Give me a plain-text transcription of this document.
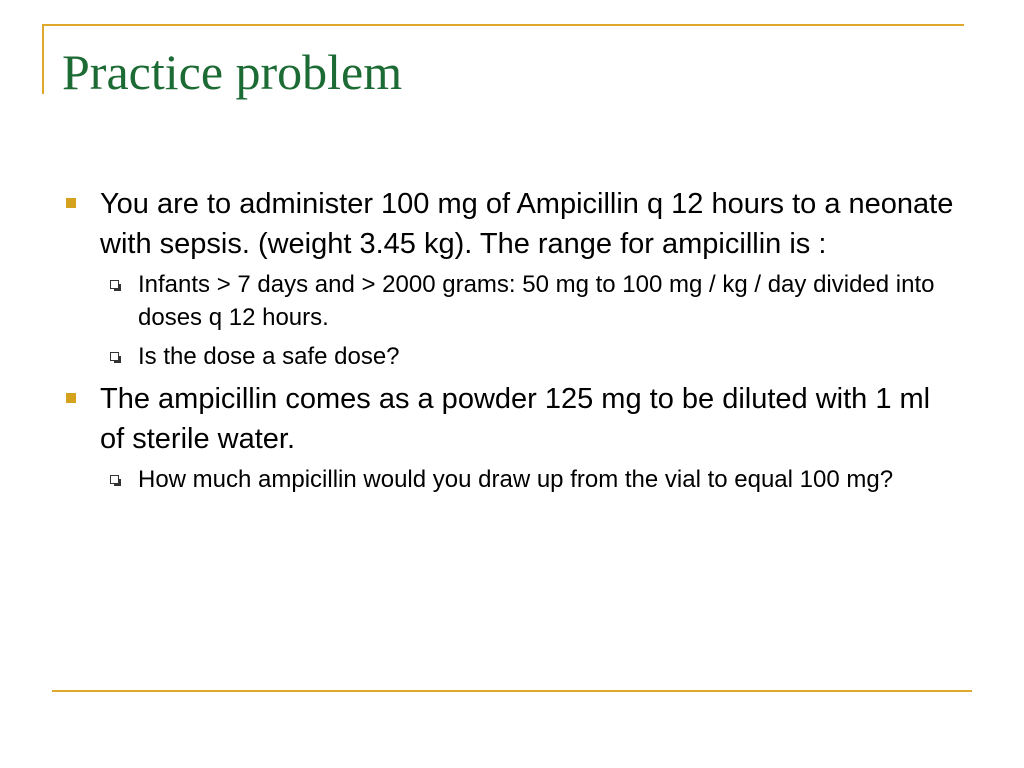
Practice problem
You are to administer 100 mg of Ampicillin q 12 hours to a neonate with sepsis. (weight 3.45 kg). The range for ampicillin is :
Infants > 7 days and > 2000 grams: 50 mg to 100 mg / kg / day divided into doses q 12 hours.
Is the dose a safe dose?
The ampicillin comes as a powder 125 mg to be diluted with 1 ml of sterile water.
How much ampicillin would you draw up from the vial to equal 100 mg?
